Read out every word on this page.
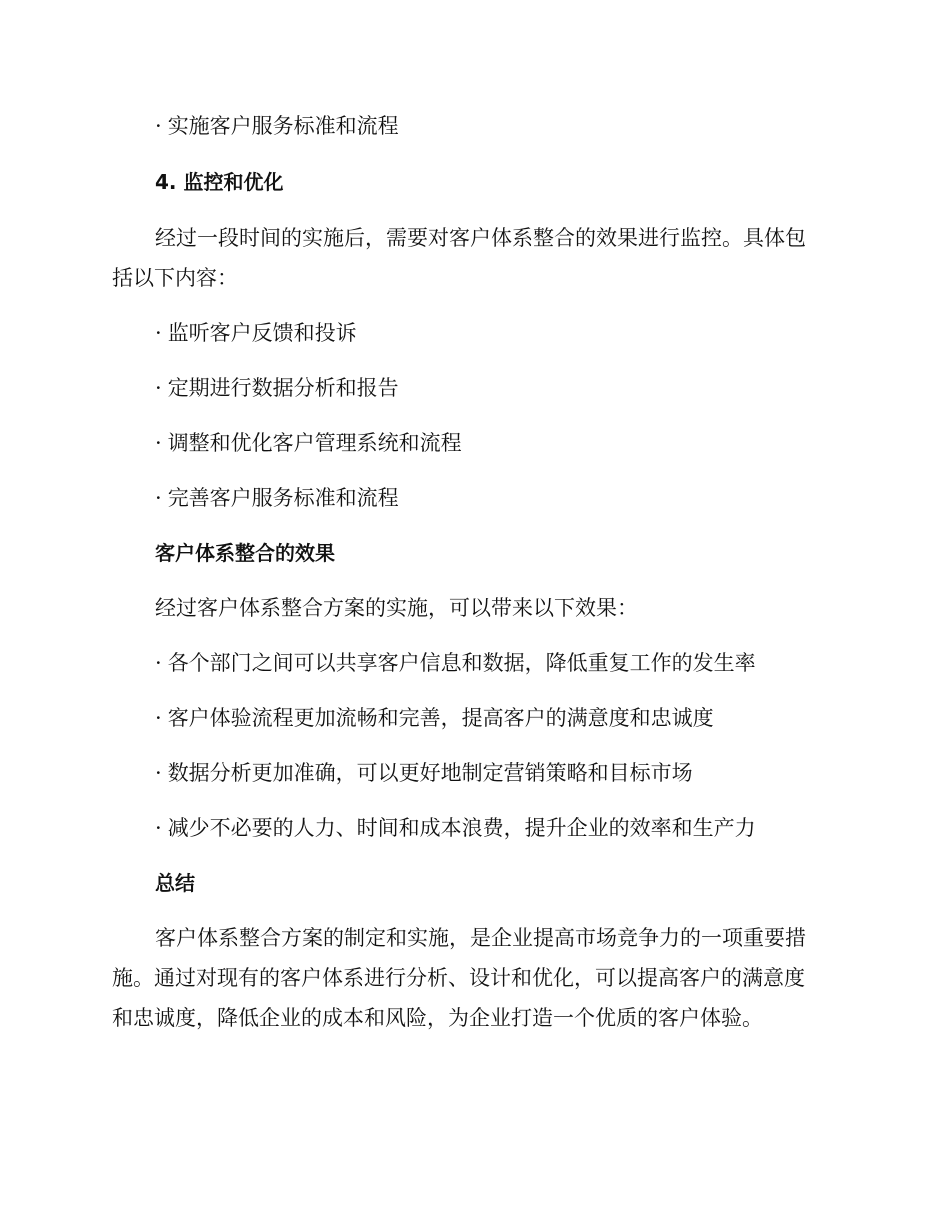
· 实施客户服务标准和流程
4. 监控和优化
经过一段时间的实施后，需要对客户体系整合的效果进行监控。具体包
括以下内容：
· 监听客户反馈和投诉
· 定期进行数据分析和报告
· 调整和优化客户管理系统和流程
· 完善客户服务标准和流程
客户体系整合的效果
经过客户体系整合方案的实施，可以带来以下效果：
· 各个部门之间可以共享客户信息和数据，降低重复工作的发生率
· 客户体验流程更加流畅和完善，提高客户的满意度和忠诚度
· 数据分析更加准确，可以更好地制定营销策略和目标市场
· 减少不必要的人力、时间和成本浪费，提升企业的效率和生产力
总结
客户体系整合方案的制定和实施，是企业提高市场竞争力的一项重要措
施。通过对现有的客户体系进行分析、设计和优化，可以提高客户的满意度
和忠诚度，降低企业的成本和风险，为企业打造一个优质的客户体验。
